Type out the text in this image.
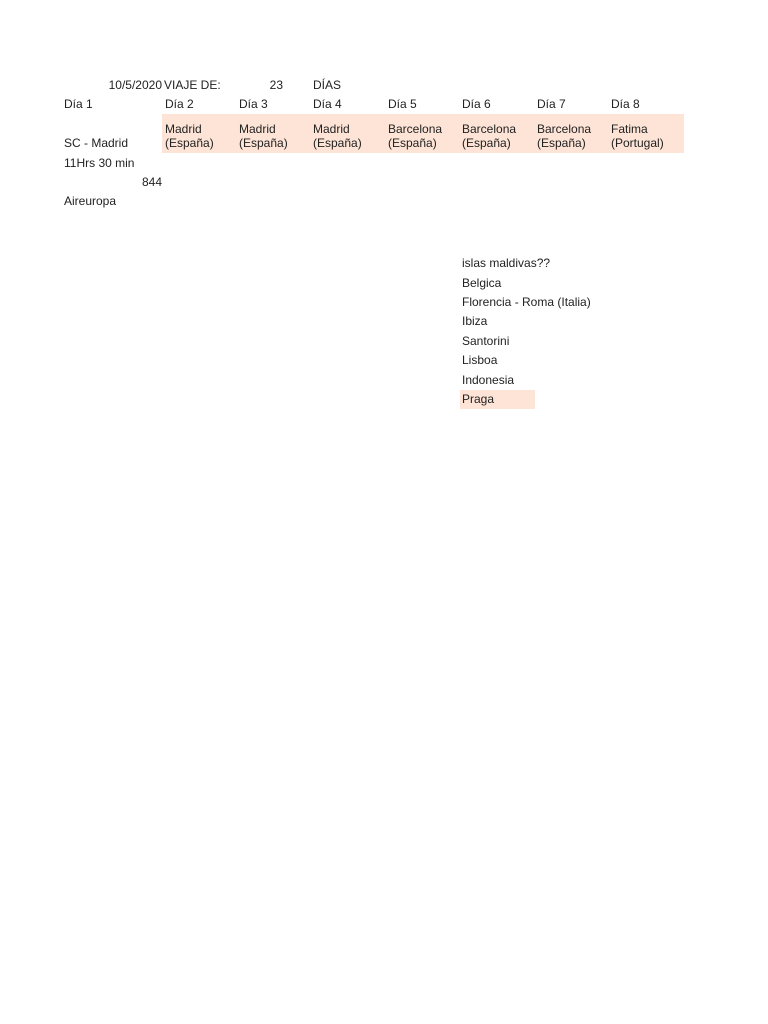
10/5/2020 VIAJE DE:	23	DÍAS
Día 1
SC - Madrid
Día 2
Madrid
(España)
Día 3
Madrid
(España)
Día 4
Madrid
(España)
Día 5
Barcelona
(España)
Día 6
Barcelona
(España)
Día 7
Barcelona
(España)
Día 8
Fatima
(Portugal)
11Hrs 30 min
844
Aireuropa
islas maldivas??
Belgica
Florencia - Roma (Italia)
Ibiza
Santorini
Lisboa
Indonesia
Praga
